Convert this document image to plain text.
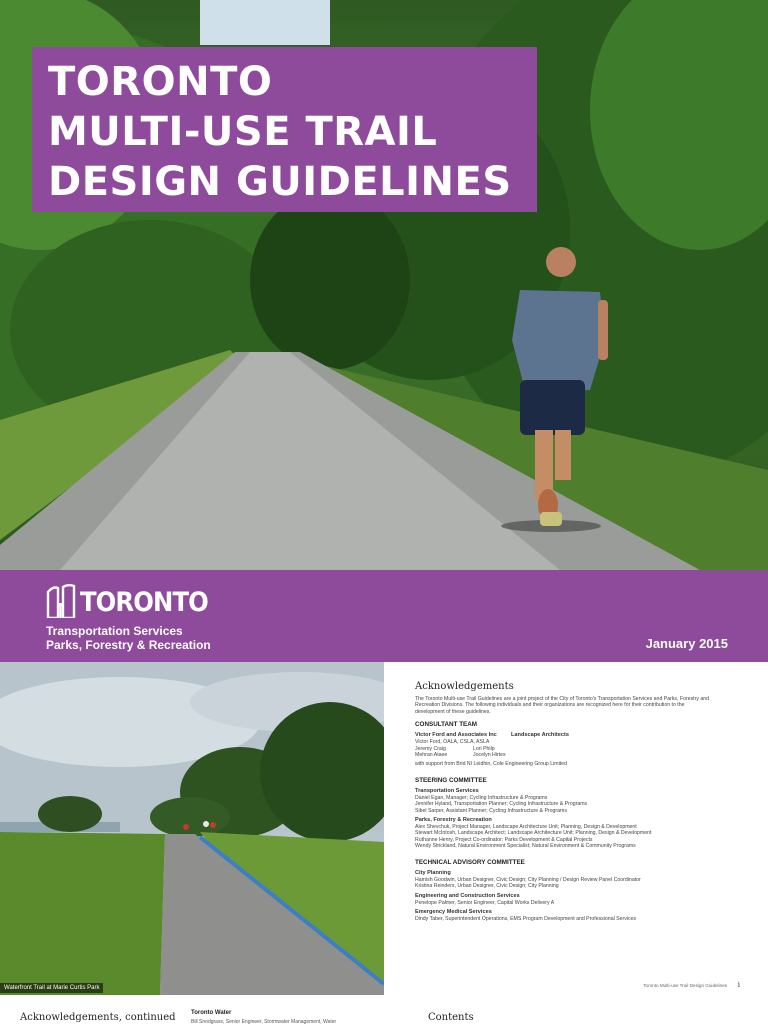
TORONTO
MULTI-USE TRAIL
DESIGN GUIDELINES
TORONTO
Transportation Services
Parks, Forestry & Recreation	January 2015
Waterfront Trail at Marie Curtis Park
Acknowledgements
The Toronto Multi-use Trail Guidelines are a joint project of the City of Toronto's Transportation Services and Parks, Forestry and Recreation Divisions. The following individuals and their organizations are recognized here for their contribution to the development of these guidelines.
CONSULTANT TEAM
Victor Ford and Associates Inc	Landscape Architects
Victor Ford, OALA, CSLA, ASLA
Jeremy Craig	Lori Philp
Mehran Ataee	Jocelyn Hirtes
with support from Brid Ní Leidhin, Cole Engineering Group Limited
STEERING COMMITTEE
Transportation Services
Daniel Egan, Manager; Cycling Infrastructure & Programs
Jennifer Hyland, Transportation Planner; Cycling Infrastructure & Programs
Sibel Sarper, Assistant Planner; Cycling Infrastructure & Programs
Parks, Forestry & Recreation
Alex Shevchuk, Project Manager, Landscape Architecture Unit; Planning, Design & Development
Stewart McIntosh, Landscape Architect; Landscape Architecture Unit; Planning, Design & Development
Ruthanne Henry, Project Co-ordinator; Parks Development & Capital Projects
Wendy Strickland, Natural Environment Specialist; Natural Environment & Community Programs
TECHNICAL ADVISORY COMMITTEE
City Planning
Hamish Goodwin, Urban Designer, Civic Design; City Planning / Design Review Panel Coordinator
Kristina Reinders, Urban Designer, Civic Design; City Planning
Engineering and Construction Services
Penelope Palmer, Senior Engineer, Capital Works Delivery A
Emergency Medical Services
Dindy Taber, Superintendent Operations, EMS Program Development and Professional Services
Toronto Multi-use Trail Design Guidelines i
Acknowledgements, continued	Toronto Water
Bill Snodgrass, Senior Engineer, Stormwater Management, Water	Contents
